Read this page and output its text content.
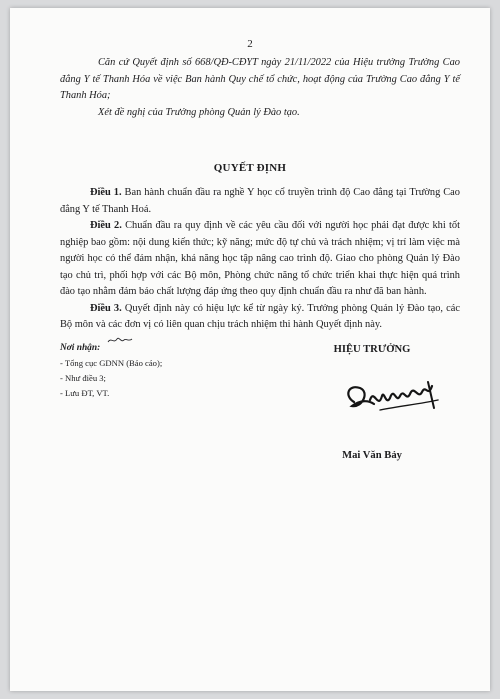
2

Căn cứ Quyết định số 668/QĐ-CĐYT ngày 21/11/2022 của Hiệu trưởng Trường Cao đẳng Y tế Thanh Hóa về việc Ban hành Quy chế tổ chức, hoạt động của Trường Cao đẳng Y tế Thanh Hóa;

Xét đề nghị của Trưởng phòng Quản lý Đào tạo.

QUYẾT ĐỊNH

Điều 1. Ban hành chuẩn đầu ra nghề Y học cổ truyền trình độ Cao đẳng tại Trường Cao đẳng Y tế Thanh Hoá.

Điều 2. Chuẩn đầu ra quy định về các yêu cầu đối với người học phải đạt được khi tốt nghiệp bao gồm: nội dung kiến thức; kỹ năng; mức độ tự chủ và trách nhiệm; vị trí làm việc mà người học có thể đảm nhận, khả năng học tập nâng cao trình độ. Giao cho phòng Quản lý Đào tạo chủ trì, phối hợp với các Bộ môn, Phòng chức năng tổ chức triển khai thực hiện quá trình đào tạo nhằm đảm bảo chất lượng đáp ứng theo quy định chuẩn đầu ra như đã ban hành.

Điều 3. Quyết định này có hiệu lực kể từ ngày ký. Trưởng phòng Quản lý Đào tạo, các Bộ môn và các đơn vị có liên quan chịu trách nhiệm thi hành Quyết định này.

Nơi nhận:
- Tổng cục GDNN (Báo cáo);
- Như điều 3;
- Lưu ĐT, VT.
HIỆU TRƯỞNG
Mai Văn Bảy
